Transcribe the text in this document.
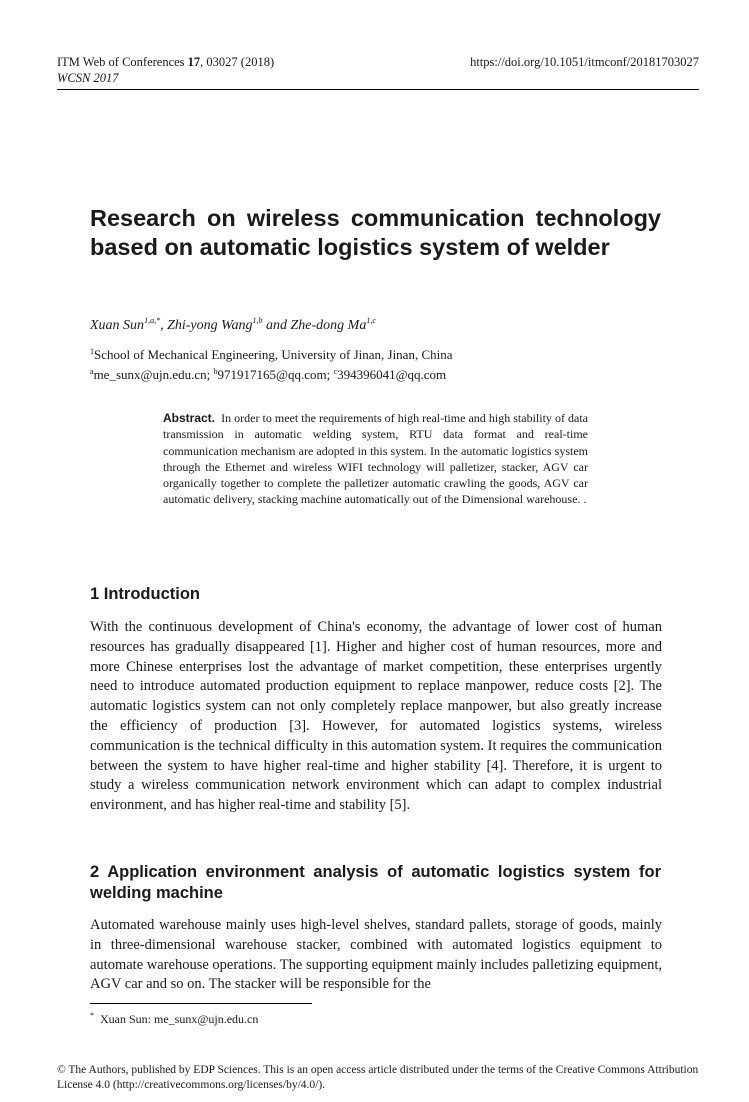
ITM Web of Conferences 17, 03027 (2018)
WCSN 2017
https://doi.org/10.1051/itmconf/20181703027
Research on wireless communication technology based on automatic logistics system of welder
Xuan Sun$^{1,a,*}$, Zhi-yong Wang$^{1,b}$ and Zhe-dong Ma$^{1,c}$
$^1$School of Mechanical Engineering, University of Jinan, Jinan, China
$^a$me_sunx@ujn.edu.cn; $^b$971917165@qq.com; $^c$394396041@qq.com
Abstract. In order to meet the requirements of high real-time and high stability of data transmission in automatic welding system, RTU data format and real-time communication mechanism are adopted in this system. In the automatic logistics system through the Ethernet and wireless WIFI technology will palletizer, stacker, AGV car organically together to complete the palletizer automatic crawling the goods, AGV car automatic delivery, stacking machine automatically out of the Dimensional warehouse. .
1 Introduction

With the continuous development of China's economy, the advantage of lower cost of human resources has gradually disappeared [1]. Higher and higher cost of human resources, more and more Chinese enterprises lost the advantage of market competition, these enterprises urgently need to introduce automated production equipment to replace manpower, reduce costs [2]. The automatic logistics system can not only completely replace manpower, but also greatly increase the efficiency of production [3]. However, for automated logistics systems, wireless communication is the technical difficulty in this automation system. It requires the communication between the system to have higher real-time and higher stability [4]. Therefore, it is urgent to study a wireless communication network environment which can adapt to complex industrial environment, and has higher real-time and stability [5].

2 Application environment analysis of automatic logistics system for welding machine

Automated warehouse mainly uses high-level shelves, standard pallets, storage of goods, mainly in three-dimensional warehouse stacker, combined with automated logistics equipment to automate warehouse operations. The supporting equipment mainly includes palletizing equipment, AGV car and so on. The stacker will be responsible for the

* Xuan Sun: me_sunx@ujn.edu.cn
© The Authors, published by EDP Sciences. This is an open access article distributed under the terms of the Creative Commons Attribution License 4.0 (http://creativecommons.org/licenses/by/4.0/).
